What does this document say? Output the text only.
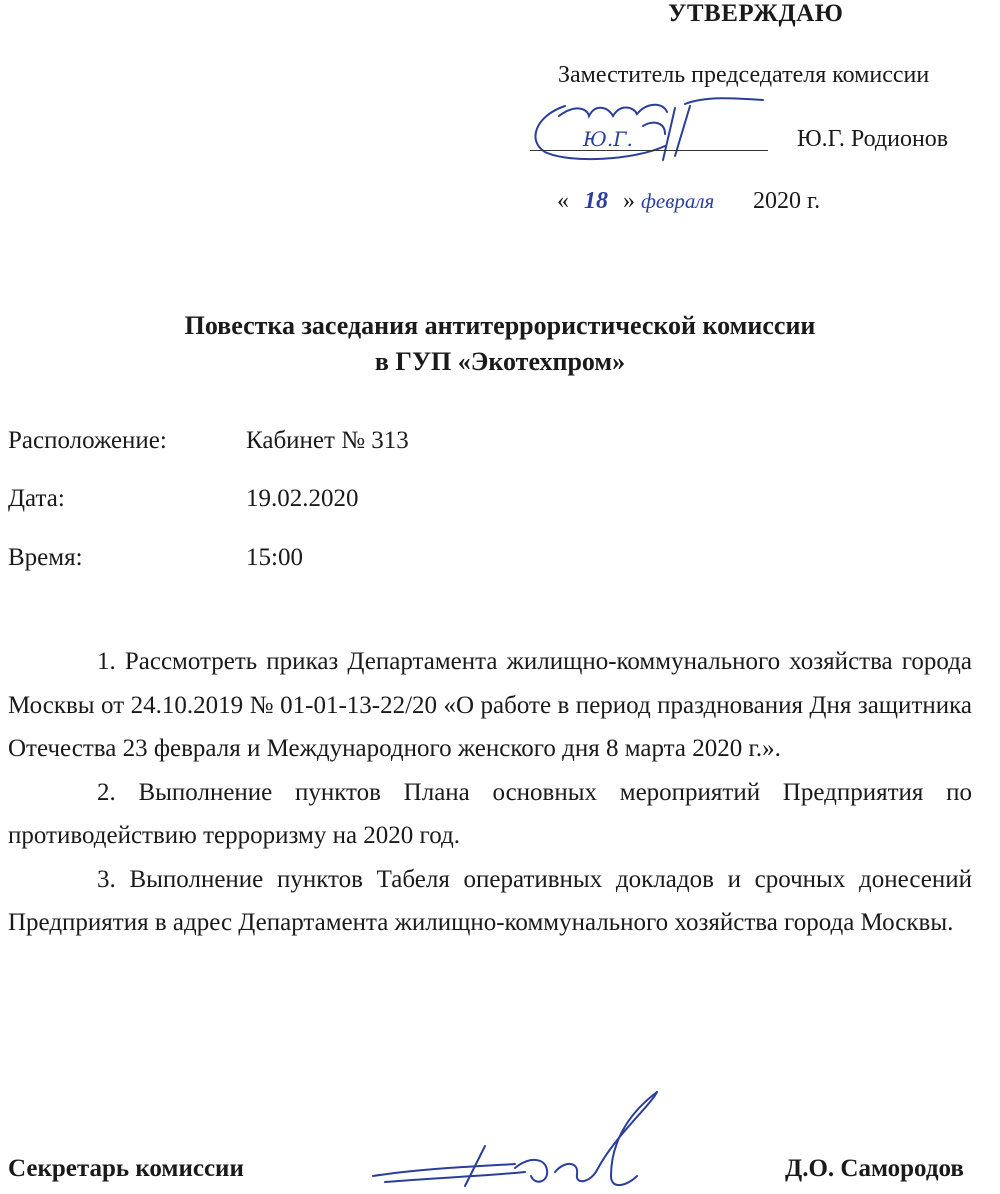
УТВЕРЖДАЮ
Заместитель председателя комиссии
Ю.Г.	Ю.Г. Родионов
« 18 » февраля 2020 г.
Повестка заседания антитеррористической комиссии
в ГУП «Экотехпром»
Расположение:	Кабинет № 313
Дата:	19.02.2020
Время:	15:00

1. Рассмотреть приказ Департамента жилищно-коммунального хозяйства города Москвы от 24.10.2019 № 01-01-13-22/20 «О работе в период празднования Дня защитника Отечества 23 февраля и Международного женского дня 8 марта 2020 г.».

2. Выполнение пунктов Плана основных мероприятий Предприятия по противодействию терроризму на 2020 год.

3. Выполнение пунктов Табеля оперативных докладов и срочных донесений Предприятия в адрес Департамента жилищно-коммунального хозяйства города Москвы.

Секретарь комиссии	Д.О. Самородов
